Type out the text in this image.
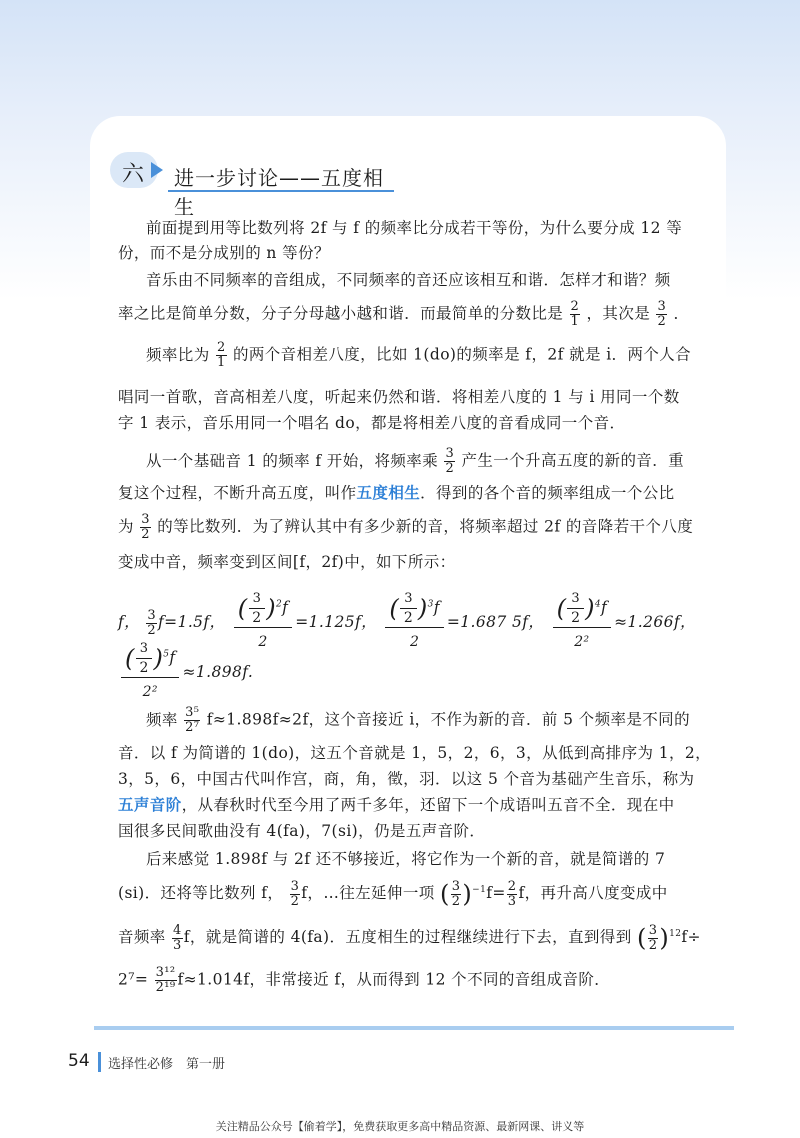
六 进一步讨论——五度相生
前面提到用等比数列将 2f 与 f 的频率比分成若干等份，为什么要分成 12 等
份，而不是分成别的 n 等份？
音乐由不同频率的音组成，不同频率的音还应该相互和谐．怎样才和谐？频
率之比是简单分数，分子分母越小越和谐．而最简单的分数比是 $\frac{2}{1}$ ，其次是 $\frac{3}{2}$ ．
频率比为 $\frac{2}{1}$ 的两个音相差八度，比如 1(do)的频率是 f，2f 就是 i̇．两个人合
唱同一首歌，音高相差八度，听起来仍然和谐．将相差八度的 1 与 i̇ 用同一个数
字 1 表示，音乐用同一个唱名 do，都是将相差八度的音看成同一个音．
从一个基础音 1 的频率 f 开始，将频率乘 $\frac{3}{2}$ 产生一个升高五度的新的音．重
复这个过程，不断升高五度，叫作五度相生．得到的各个音的频率组成一个公比
为 $\frac{3}{2}$ 的等比数列．为了辨认其中有多少新的音，将频率超过 2f 的音降若干个八度
变成中音，频率变到区间[f，2f)中，如下所示：
f， $\frac{3}{2} f=1.5f$， $\frac{( \frac{3}{2} )^2f}{2} =1.125f$， $\frac{( \frac{3}{2} )^3f}{2} =1.687$ 5f， $\frac{( \frac{3}{2} )^4f}{\text{2²}} \approx 1.266f$，
$\frac{( \frac{3}{2} )^5f}{\text{2²}} \approx 1.898f$.
频率 $\frac{\text{3⁵}}{\text{2⁷}} f\approx 1.898f\approx 2f$，这个音接近 i̇，不作为新的音．前 5 个频率是不同的
音．以 f 为简谱的 1(do)，这五个音就是 1，5，2，6，3，从低到高排序为 1，2，
3，5，6，中国古代叫作宫，商，角，徵，羽．以这 5 个音为基础产生音乐，称为
五声音阶，从春秋时代至今用了两千多年，还留下一个成语叫五音不全．现在中
国很多民间歌曲没有 4(fa)，7(si)，仍是五声音阶．
后来感觉 1.898f 与 2f 还不够接近，将它作为一个新的音，就是简谱的 7
(si)．还将等比数列 f， $\frac{3}{2}$ f，…往左延伸一项 ( $\frac{3}{2} )^{-1}f= \frac{2}{3}$ f，再升高八度变成中
音频率 $\frac{4}{3}$ f，就是简谱的 4(fa)．五度相生的过程继续进行下去，直到得到 ( $\frac{3}{2} )^{12}f\div$
$2^7= \frac{\text{3¹²}}{\text{2¹⁹}} f\approx 1.014f$，非常接近 f，从而得到 12 个不同的音组成音阶．
54 选择性必修　第一册
关注精品公众号【偷着学】，免费获取更多高中精品资源、最新网课、讲义等
